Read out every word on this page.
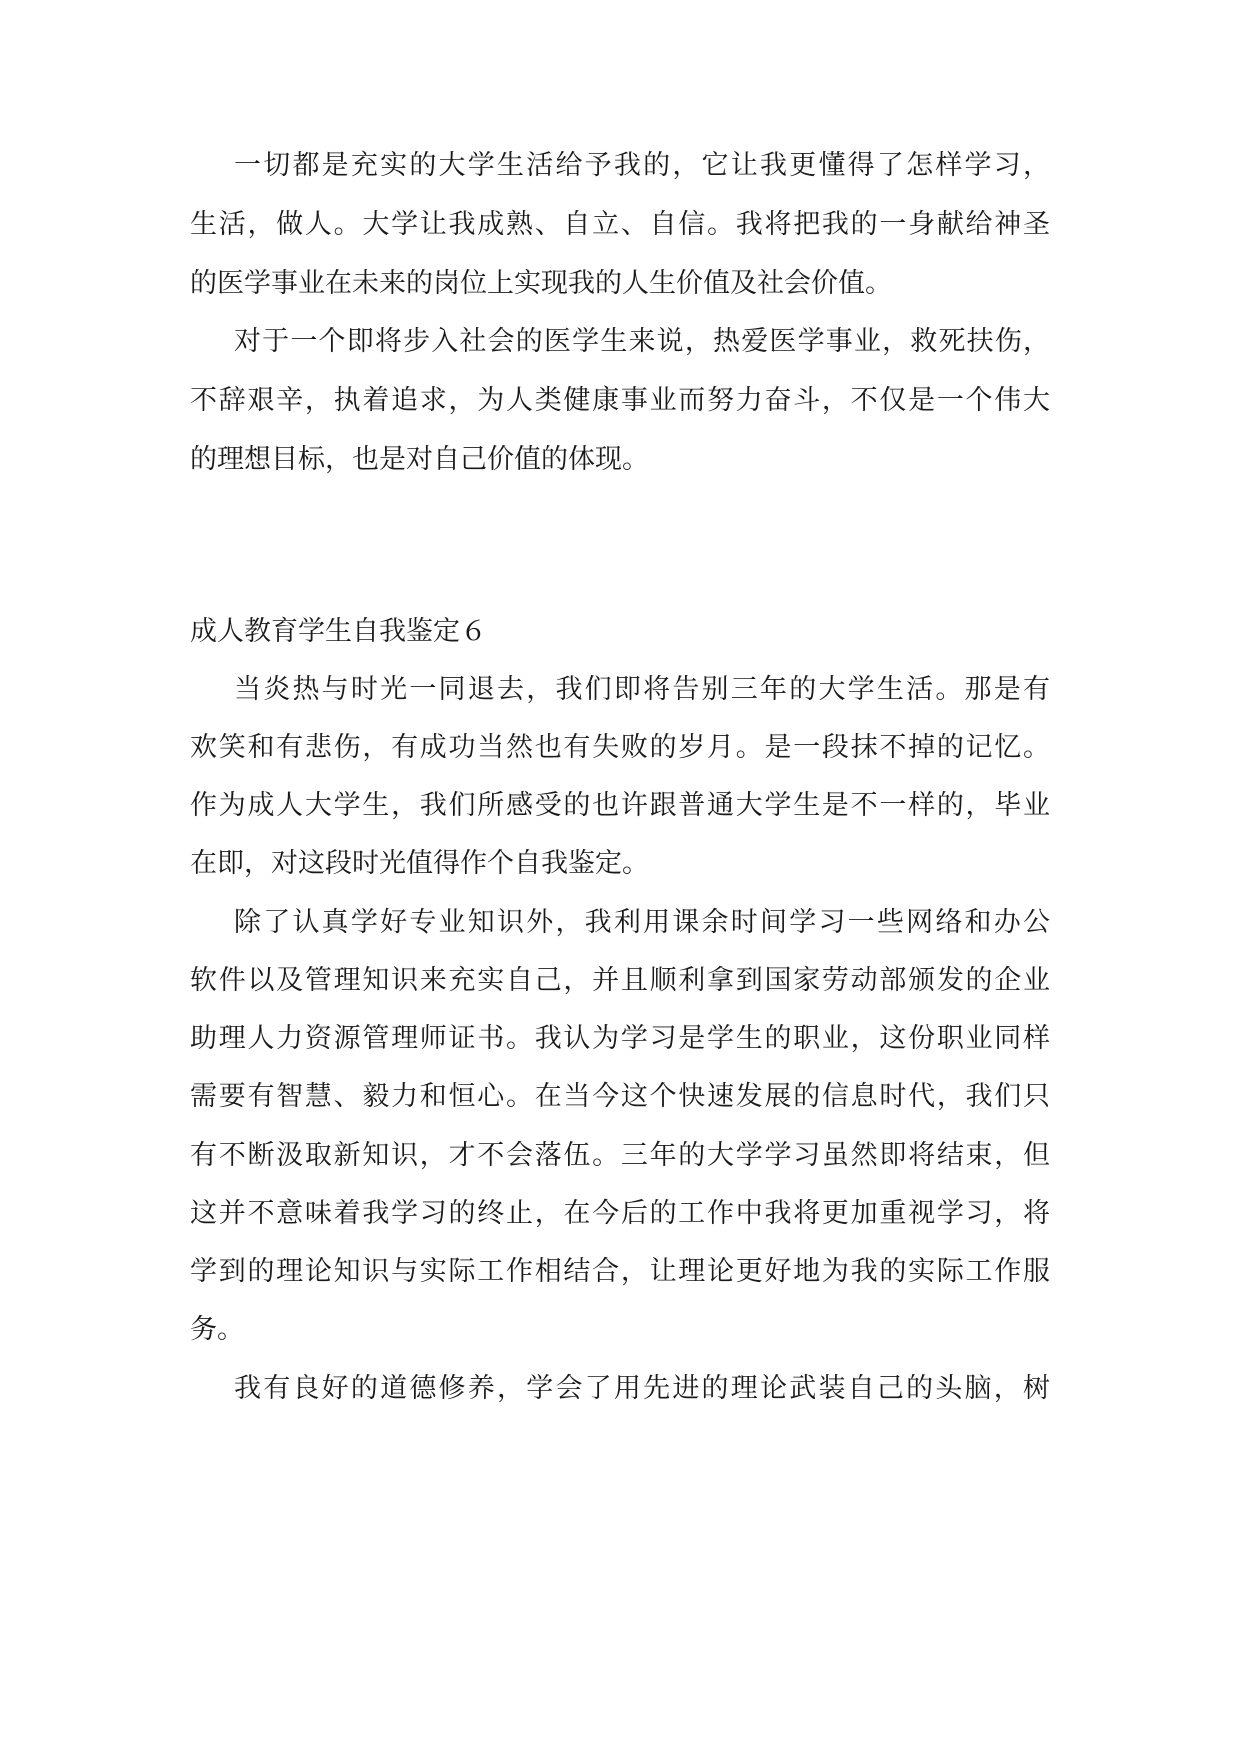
一切都是充实的大学生活给予我的，它让我更懂得了怎样学习，
生活，做人。大学让我成熟、自立、自信。我将把我的一身献给神圣
的医学事业在未来的岗位上实现我的人生价值及社会价值。
对于一个即将步入社会的医学生来说，热爱医学事业，救死扶伤，
不辞艰辛，执着追求，为人类健康事业而努力奋斗，不仅是一个伟大
的理想目标，也是对自己价值的体现。
成人教育学生自我鉴定６
当炎热与时光一同退去，我们即将告别三年的大学生活。那是有
欢笑和有悲伤，有成功当然也有失败的岁月。是一段抹不掉的记忆。
作为成人大学生，我们所感受的也许跟普通大学生是不一样的，毕业
在即，对这段时光值得作个自我鉴定。
除了认真学好专业知识外，我利用课余时间学习一些网络和办公
软件以及管理知识来充实自己，并且顺利拿到国家劳动部颁发的企业
助理人力资源管理师证书。我认为学习是学生的职业，这份职业同样
需要有智慧、毅力和恒心。在当今这个快速发展的信息时代，我们只
有不断汲取新知识，才不会落伍。三年的大学学习虽然即将结束，但
这并不意味着我学习的终止，在今后的工作中我将更加重视学习，将
学到的理论知识与实际工作相结合，让理论更好地为我的实际工作服
务。
我有良好的道德修养，学会了用先进的理论武装自己的头脑，树
